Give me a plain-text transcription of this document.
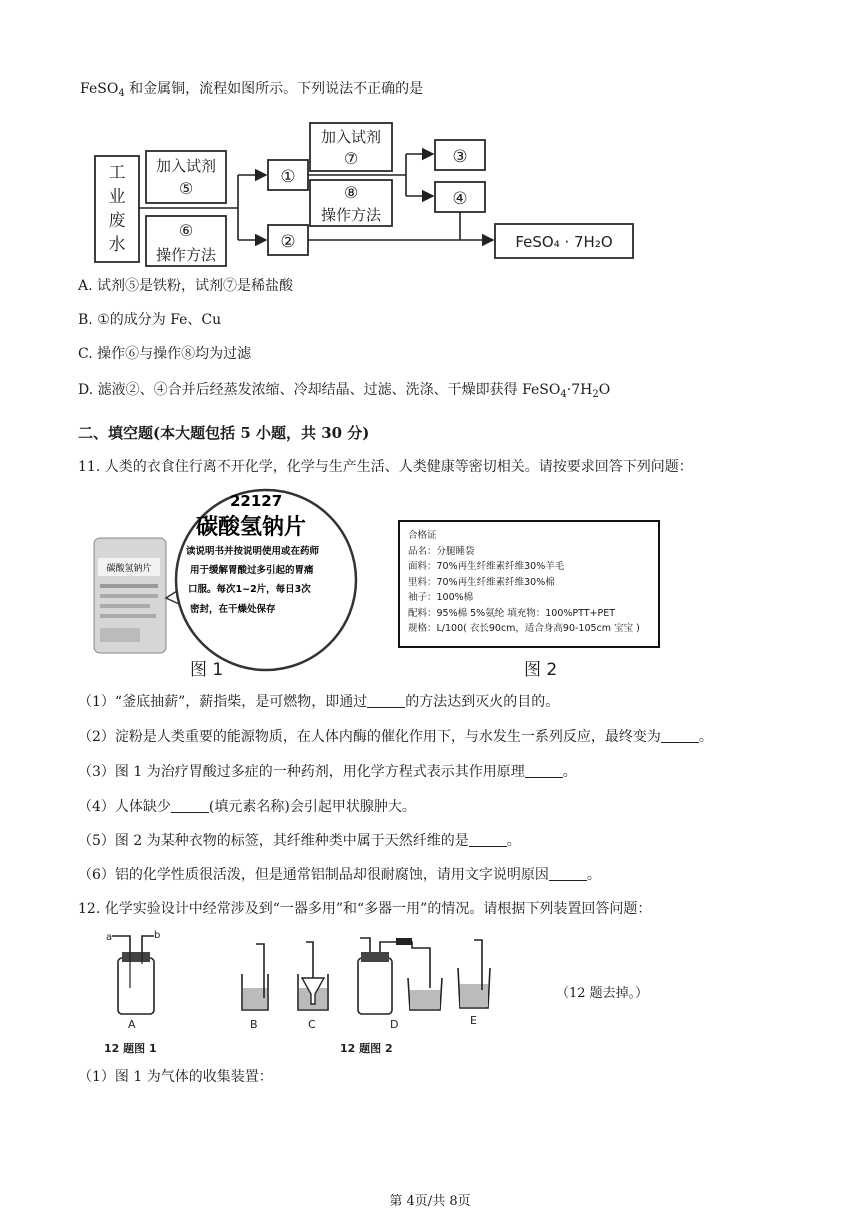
FeSO$_4$ 和金属铜，流程如图所示。下列说法不正确的是
工
业
废
水
加入试剂
⑤
⑥
操作方法
①
②
加入试剂
⑦
⑧
操作方法
③
④
FeSO₄ · 7H₂O
A. 试剂⑤是铁粉，试剂⑦是稀盐酸
B. ①的成分为 Fe、Cu
C. 操作⑥与操作⑧均为过滤
D. 滤液②、④合并后经蒸发浓缩、冷却结晶、过滤、洗涤、干燥即获得 $FeSO_4\cdot 7H_2O$
二、填空题(本大题包括 5 小题，共 30 分)
11. 人类的衣食住行离不开化学，化学与生产生活、人类健康等密切相关。请按要求回答下列问题：
碳酸氢钠片
22127
碳酸氢钠片
读说明书并按说明使用或在药师
用于缓解胃酸过多引起的胃痛
口服。每次1~2片，每日3次
密封，在干燥处保存
图 1
合格证
品名：分腿睡袋
面料：70%再生纤维素纤维30%羊毛
里料：70%再生纤维素纤维30%棉
袖子：100%棉
配料：95%棉 5%氨纶 填充物：100%PTT+PET
规格：L/100( 衣长90cm，适合身高90-105cm 宝宝 )
图 2
（1）“釜底抽薪”，薪指柴，是可燃物，即通过	的方法达到灭火的目的。
（2）淀粉是人类重要的能源物质，在人体内酶的催化作用下，与水发生一系列反应，最终变为	。
（3）图 1 为治疗胃酸过多症的一种药剂，用化学方程式表示其作用原理	。
（4）人体缺少	(填元素名称)会引起甲状腺肿大。
（5）图 2 为某种衣物的标签，其纤维种类中属于天然纤维的是	。
（6）铝的化学性质很活泼，但是通常铝制品却很耐腐蚀，请用文字说明原因	。
12. 化学实验设计中经常涉及到“一器多用”和“多器一用”的情况。请根据下列装置回答问题：
a	b
A
12 题图 1
B	C	D	E
12 题图 2
（12 题去掉。）
（1）图 1 为气体的收集装置：
第 4页/共 8页
